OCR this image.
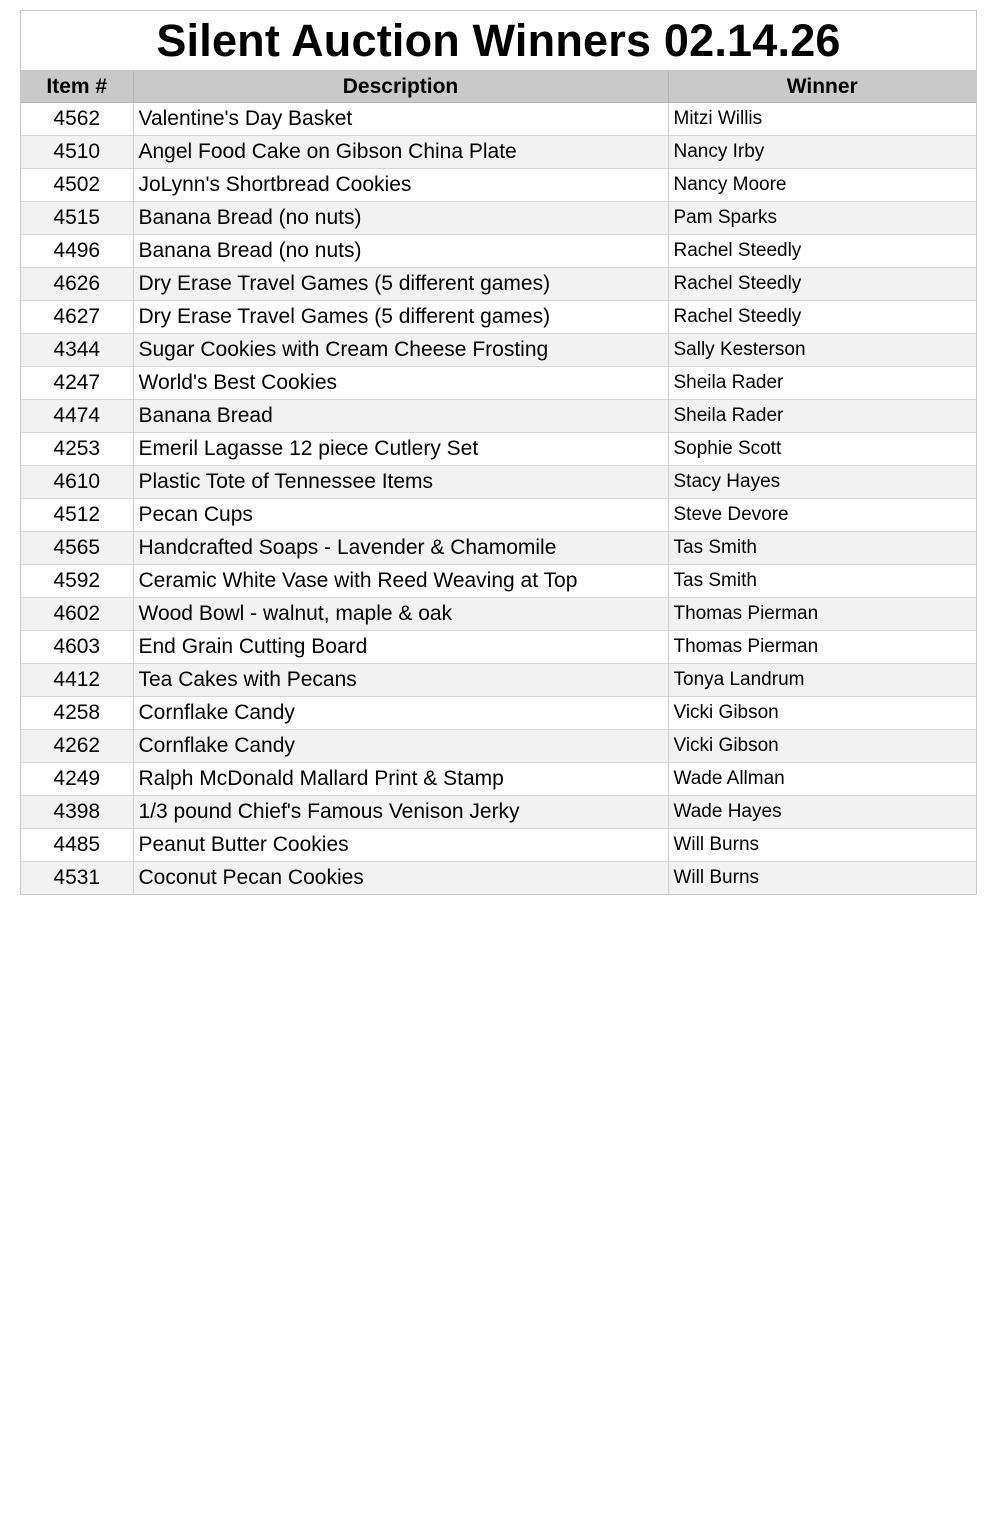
Silent Auction Winners 02.14.26
Item #	Description	Winner
4562	Valentine's Day Basket	Mitzi Willis
4510	Angel Food Cake on Gibson China Plate	Nancy Irby
4502	JoLynn's Shortbread Cookies	Nancy Moore
4515	Banana Bread (no nuts)	Pam Sparks
4496	Banana Bread (no nuts)	Rachel Steedly
4626	Dry Erase Travel Games (5 different games)	Rachel Steedly
4627	Dry Erase Travel Games (5 different games)	Rachel Steedly
4344	Sugar Cookies with Cream Cheese Frosting	Sally Kesterson
4247	World's Best Cookies	Sheila Rader
4474	Banana Bread	Sheila Rader
4253	Emeril Lagasse 12 piece Cutlery Set	Sophie Scott
4610	Plastic Tote of Tennessee Items	Stacy Hayes
4512	Pecan Cups	Steve Devore
4565	Handcrafted Soaps - Lavender & Chamomile	Tas Smith
4592	Ceramic White Vase with Reed Weaving at Top	Tas Smith
4602	Wood Bowl - walnut, maple & oak	Thomas Pierman
4603	End Grain Cutting Board	Thomas Pierman
4412	Tea Cakes with Pecans	Tonya Landrum
4258	Cornflake Candy	Vicki Gibson
4262	Cornflake Candy	Vicki Gibson
4249	Ralph McDonald Mallard Print & Stamp	Wade Allman
4398	1/3 pound Chief's Famous Venison Jerky	Wade Hayes
4485	Peanut Butter Cookies	Will Burns
4531	Coconut Pecan Cookies	Will Burns
